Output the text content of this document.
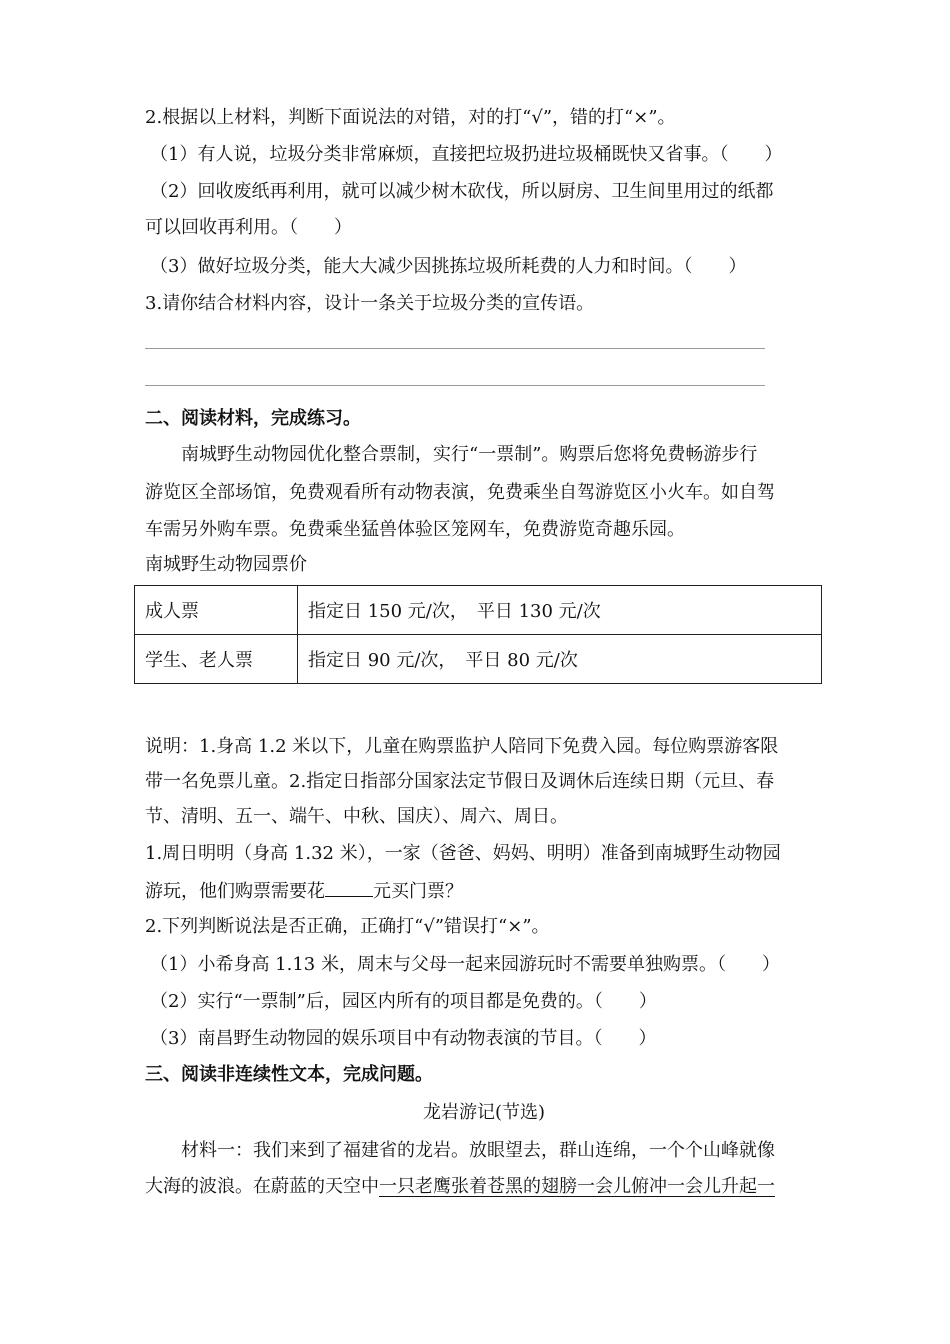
2.根据以上材料，判断下面说法的对错，对的打“√”，错的打“×”。
（1）有人说，垃圾分类非常麻烦，直接把垃圾扔进垃圾桶既快又省事。（　　）
（2）回收废纸再利用，就可以减少树木砍伐，所以厨房、卫生间里用过的纸都
可以回收再利用。（　　）
（3）做好垃圾分类，能大大减少因挑拣垃圾所耗费的人力和时间。（　　）
3.请你结合材料内容，设计一条关于垃圾分类的宣传语。
二、阅读材料，完成练习。
　　南城野生动物园优化整合票制，实行“一票制”。购票后您将免费畅游步行
游览区全部场馆，免费观看所有动物表演，免费乘坐自驾游览区小火车。如自驾
车需另外购车票。免费乘坐猛兽体验区笼网车，免费游览奇趣乐园。
南城野生动物园票价
成人票	指定日 150 元/次，　平日 130 元/次
学生、老人票	指定日 90 元/次，　平日 80 元/次
说明：1.身高 1.2 米以下，儿童在购票监护人陪同下免费入园。每位购票游客限
带一名免票儿童。2.指定日指部分国家法定节假日及调休后连续日期（元旦、春
节、清明、五一、端午、中秋、国庆）、周六、周日。
1.周日明明（身高 1.32 米），一家（爸爸、妈妈、明明）准备到南城野生动物园
游玩，他们购票需要花	元买门票？
2.下列判断说法是否正确，正确打“√”错误打“×”。
（1）小希身高 1.13 米，周末与父母一起来园游玩时不需要单独购票。（　　）
（2）实行“一票制”后，园区内所有的项目都是免费的。（　　）
（3）南昌野生动物园的娱乐项目中有动物表演的节目。（　　）
三、阅读非连续性文本，完成问题。
龙岩游记(节选)
　　材料一：我们来到了福建省的龙岩。放眼望去，群山连绵，一个个山峰就像
大海的波浪。在蔚蓝的天空中一只老鹰张着苍黑的翅膀一会儿俯冲一会儿升起一
